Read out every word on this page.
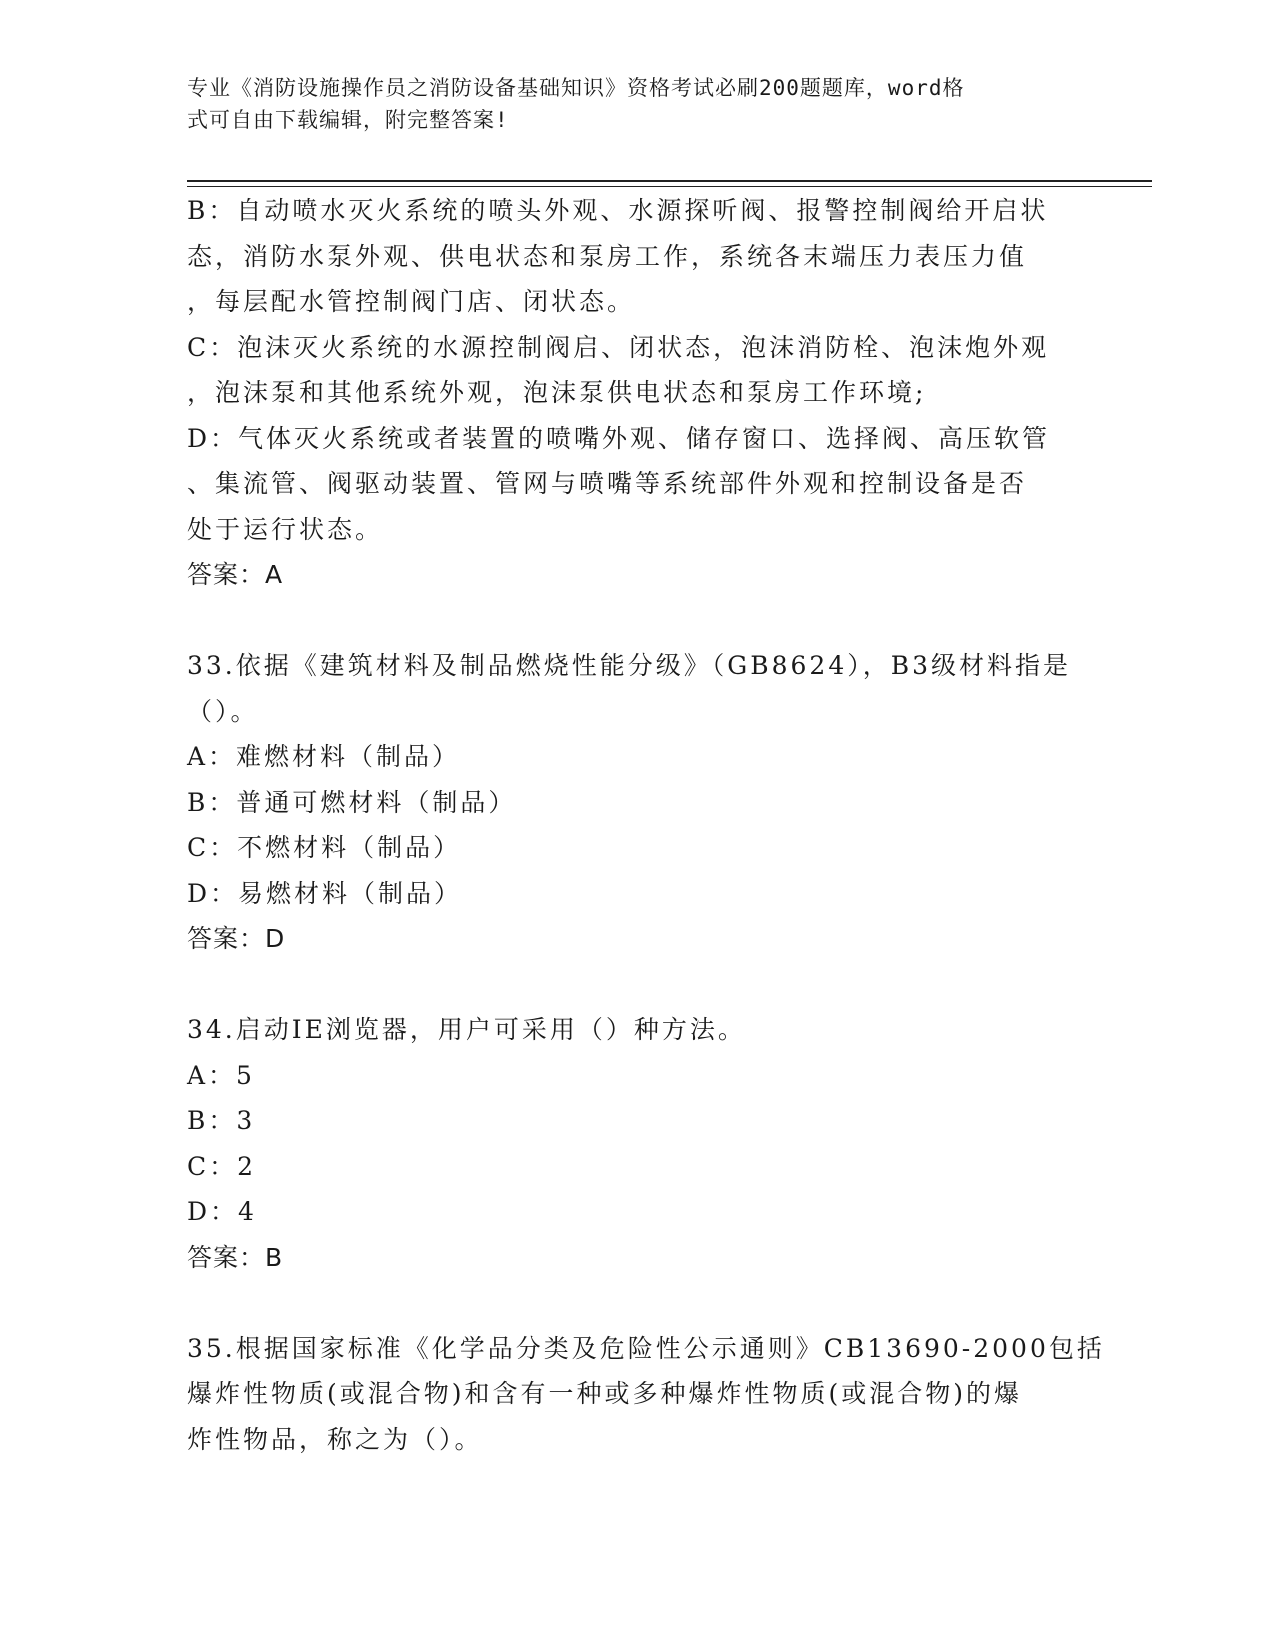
专业《消防设施操作员之消防设备基础知识》资格考试必刷200题题库，word格
式可自由下载编辑，附完整答案!
B：自动喷水灭火系统的喷头外观、水源探听阀、报警控制阀给开启状
态，消防水泵外观、供电状态和泵房工作，系统各末端压力表压力值
，每层配水管控制阀门店、闭状态。
C：泡沫灭火系统的水源控制阀启、闭状态，泡沫消防栓、泡沫炮外观
，泡沫泵和其他系统外观，泡沫泵供电状态和泵房工作环境;
D：气体灭火系统或者装置的喷嘴外观、储存窗口、选择阀、高压软管
、集流管、阀驱动装置、管网与喷嘴等系统部件外观和控制设备是否
处于运行状态。
答案：A
33.依据《建筑材料及制品燃烧性能分级》（GB8624），B3级材料指是
（）。
A：难燃材料（制品）
B：普通可燃材料（制品）
C：不燃材料（制品）
D：易燃材料（制品）
答案：D
34.启动IE浏览器，用户可采用（）种方法。
A：5
B：3
C：2
D：4
答案：B
35.根据国家标准《化学品分类及危险性公示通则》CB13690-2000包括
爆炸性物质(或混合物)和含有一种或多种爆炸性物质(或混合物)的爆
炸性物品，称之为（）。
